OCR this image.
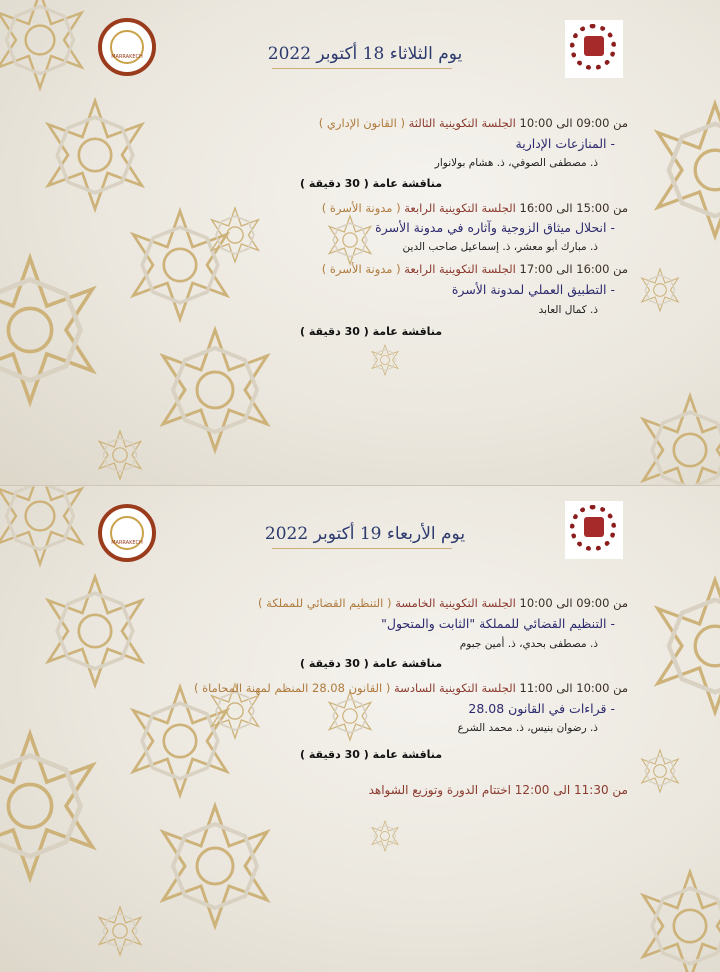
MARRAKECH	يوم الثلاثاء 18 أكتوبر 2022
من 09:00 الى 10:00 الجلسة التكوينية الثالثة ( القانون الإداري )
- المنازعات الإدارية
ذ. مصطفى الصوفي، ذ. هشام بولانوار
مناقشة عامة ( 30 دقيقة )
من 15:00 الى 16:00 الجلسة التكوينية الرابعة ( مدونة الأسرة )
- انحلال ميثاق الزوجية وآثاره في مدونة الأسرة
ذ. مبارك أبو معشر، ذ. إسماعيل صاحب الدين
من 16:00 الى 17:00 الجلسة التكوينية الرابعة ( مدونة الأسرة )
- التطبيق العملي لمدونة الأسرة
ذ. كمال العابد
مناقشة عامة ( 30 دقيقة )
MARRAKECH	يوم الأربعاء 19 أكتوبر 2022
من 09:00 الى 10:00 الجلسة التكوينية الخامسة ( التنظيم القضائي للمملكة )
- التنظيم القضائي للمملكة "الثابت والمتحول"
ذ. مصطفى بحدي، ذ. أمين جبوم
مناقشة عامة ( 30 دقيقة )
من 10:00 الى 11:00 الجلسة التكوينية السادسة ( القانون 28.08 المنظم لمهنة المحاماة )
- قراءات في القانون 28.08
ذ. رضوان بنيس، ذ. محمد الشرع
مناقشة عامة ( 30 دقيقة )
من 11:30 الى 12:00 اختتام الدورة وتوزيع الشواهد
